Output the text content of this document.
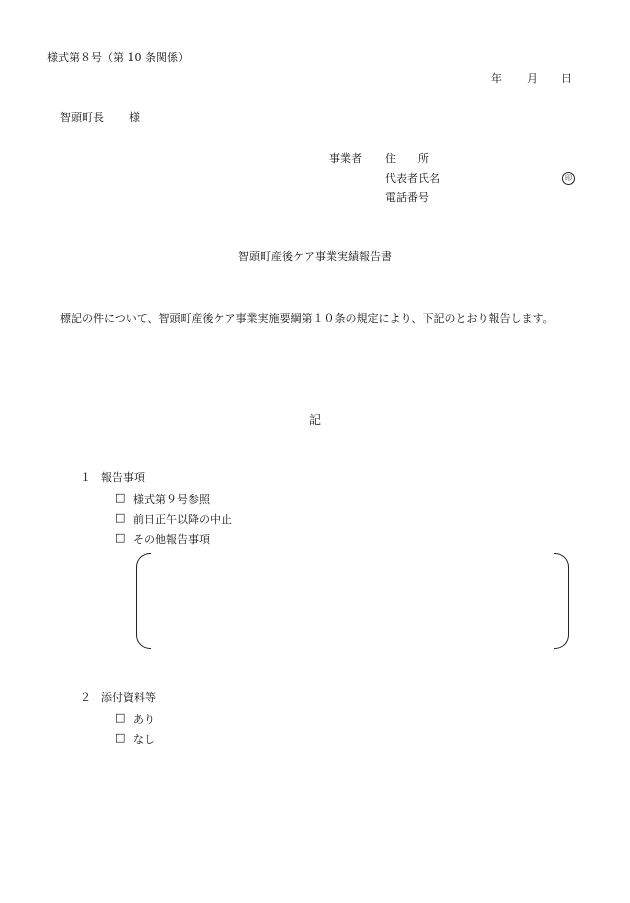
様式第８号（第 10 条関係）
年 月 日
智頭町長 様
事業者 住　　所
代表者氏名	印
電話番号
智頭町産後ケア事業実績報告書
標記の件について、智頭町産後ケア事業実施要綱第１０条の規定により、下記のとおり報告します。
記
１ 報告事項
□ 様式第９号参照
□ 前日正午以降の中止
□ その他報告事項
２ 添付資料等
□ あり
□ なし
